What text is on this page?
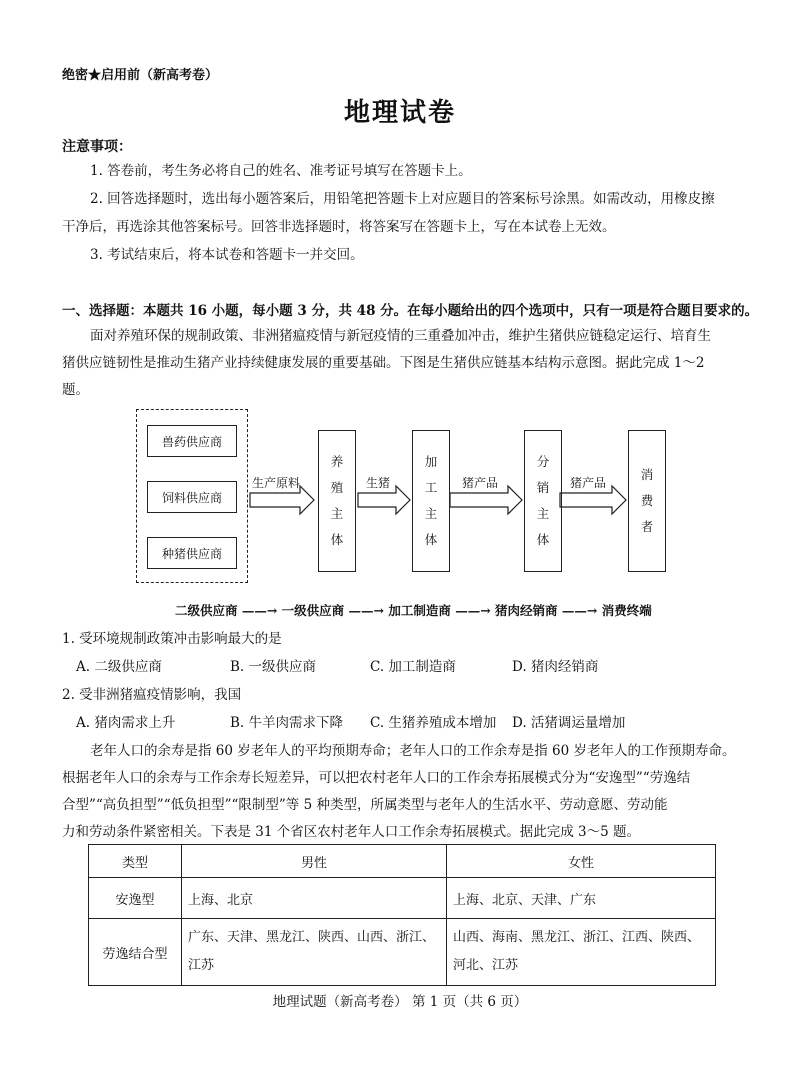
绝密★启用前（新高考卷）
地理试卷
注意事项：
1. 答卷前，考生务必将自己的姓名、准考证号填写在答题卡上。
2. 回答选择题时，选出每小题答案后，用铅笔把答题卡上对应题目的答案标号涂黑。如需改动，用橡皮擦
干净后，再选涂其他答案标号。回答非选择题时，将答案写在答题卡上，写在本试卷上无效。
3. 考试结束后，将本试卷和答题卡一并交回。
一、选择题：本题共 16 小题，每小题 3 分，共 48 分。在每小题给出的四个选项中，只有一项是符合题目要求的。
面对养殖环保的规制政策、非洲猪瘟疫情与新冠疫情的三重叠加冲击，维护生猪供应链稳定运行、培育生
猪供应链韧性是推动生猪产业持续健康发展的重要基础。下图是生猪供应链基本结构示意图。据此完成 1～2
题。
兽药供应商
饲料供应商
种猪供应商
生产原料	生猪	猪产品	猪产品
养
殖
主
体
加
工
主
体
分
销
主
体
消
费
者
二级供应商 ——→ 一级供应商 ——→ 加工制造商 ——→ 猪肉经销商 ——→ 消费终端
1. 受环境规制政策冲击影响最大的是
A. 二级供应商	B. 一级供应商	C. 加工制造商	D. 猪肉经销商
2. 受非洲猪瘟疫情影响，我国
A. 猪肉需求上升	B. 牛羊肉需求下降 C. 生猪养殖成本增加 D. 活猪调运量增加
老年人口的余寿是指 60 岁老年人的平均预期寿命；老年人口的工作余寿是指 60 岁老年人的工作预期寿命。
根据老年人口的余寿与工作余寿长短差异，可以把农村老年人口的工作余寿拓展模式分为“安逸型”“劳逸结
合型”“高负担型”“低负担型”“限制型”等 5 种类型，所属类型与老年人的生活水平、劳动意愿、劳动能
力和劳动条件紧密相关。下表是 31 个省区农村老年人口工作余寿拓展模式。据此完成 3～5 题。
类型	男性	女性
安逸型	上海、北京	上海、北京、天津、广东
劳逸结合型	广东、天津、黑龙江、陕西、山西、浙江、江苏	山西、海南、黑龙江、浙江、江西、陕西、河北、江苏
地理试题（新高考卷） 第 1 页（共 6 页）
